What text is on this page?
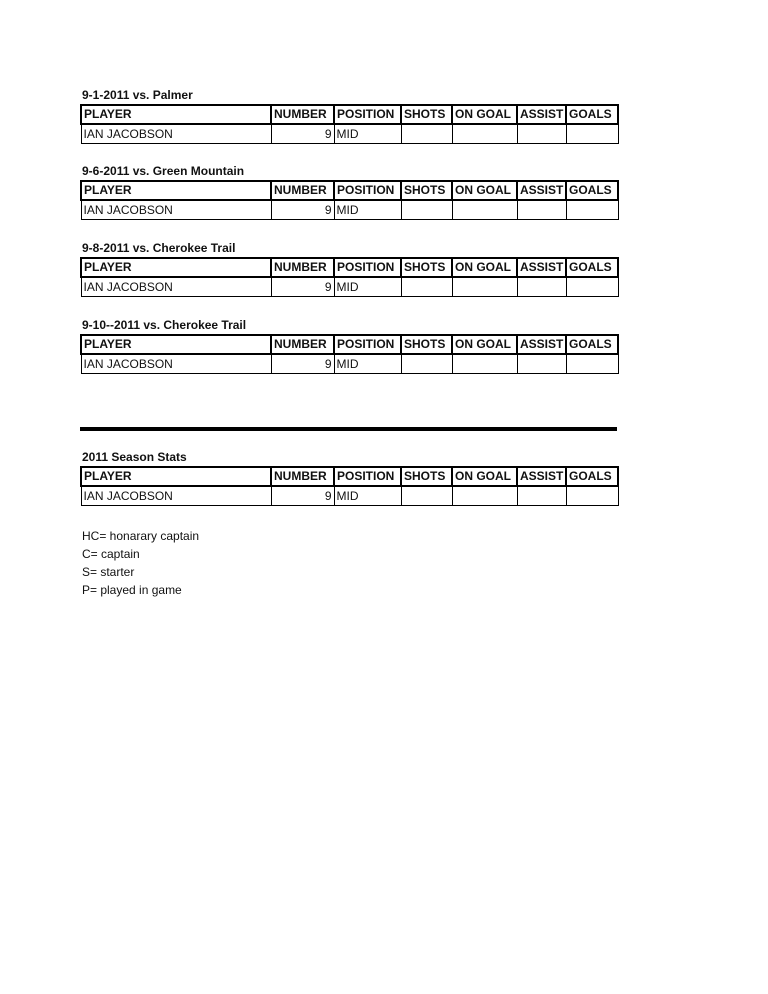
9-1-2011 vs. Palmer
PLAYER	NUMBER	POSITION	SHOTS	ON GOAL	ASSIST	GOALS
IAN JACOBSON	9	MID				
9-6-2011 vs. Green Mountain
PLAYER	NUMBER	POSITION	SHOTS	ON GOAL	ASSIST	GOALS
IAN JACOBSON	9	MID				
9-8-2011 vs. Cherokee Trail
PLAYER	NUMBER	POSITION	SHOTS	ON GOAL	ASSIST	GOALS
IAN JACOBSON	9	MID				
9-10--2011 vs. Cherokee Trail
PLAYER	NUMBER	POSITION	SHOTS	ON GOAL	ASSIST	GOALS
IAN JACOBSON	9	MID				
2011 Season Stats
PLAYER	NUMBER	POSITION	SHOTS	ON GOAL	ASSIST	GOALS
IAN JACOBSON	9	MID				
HC= honarary captain
C= captain
S= starter
P= played in game
